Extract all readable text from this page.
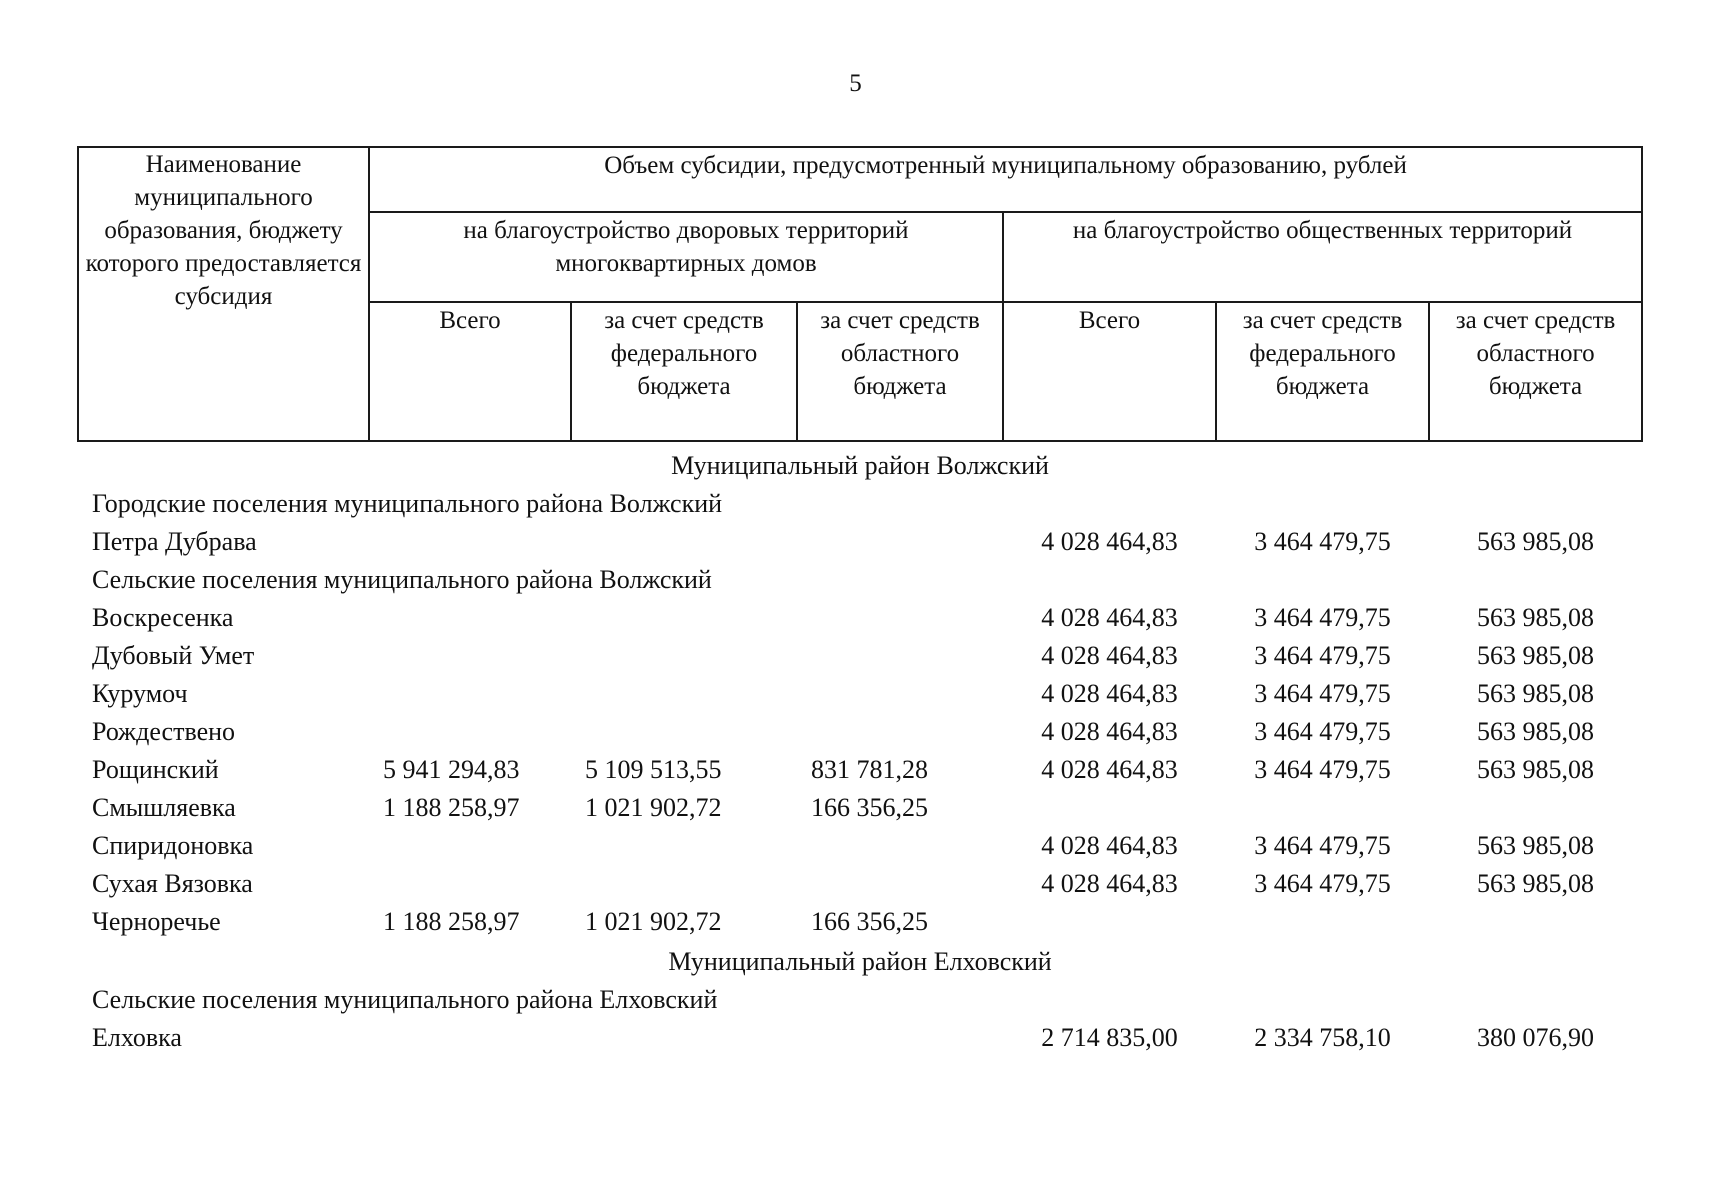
5
Наименование муниципального образования, бюджету которого предоставляется субсидия	Объем субсидии, предусмотренный муниципальному образованию, рублей					
	на благоустройство дворовых территорий многоквартирных домов			на благоустройство общественных территорий		
	Всего	за счет средств федерального бюджета	за счет средств областного бюджета	Всего	за счет средств федерального бюджета	за счет средств областного бюджета
Муниципальный район Волжский						
Городские поселения муниципального района Волжский						
Петра Дубрава				4 028 464,83	3 464 479,75	563 985,08
Сельские поселения муниципального района Волжский						
Воскресенка				4 028 464,83	3 464 479,75	563 985,08
Дубовый Умет				4 028 464,83	3 464 479,75	563 985,08
Курумоч				4 028 464,83	3 464 479,75	563 985,08
Рождествено				4 028 464,83	3 464 479,75	563 985,08
Рощинский	5 941 294,83	5 109 513,55	831 781,28	4 028 464,83	3 464 479,75	563 985,08
Смышляевка	1 188 258,97	1 021 902,72	166 356,25			
Спиридоновка				4 028 464,83	3 464 479,75	563 985,08
Сухая Вязовка				4 028 464,83	3 464 479,75	563 985,08
Черноречье	1 188 258,97	1 021 902,72	166 356,25			
Муниципальный район Елховский						
Сельские поселения муниципального района Елховский						
Елховка				2 714 835,00	2 334 758,10	380 076,90
